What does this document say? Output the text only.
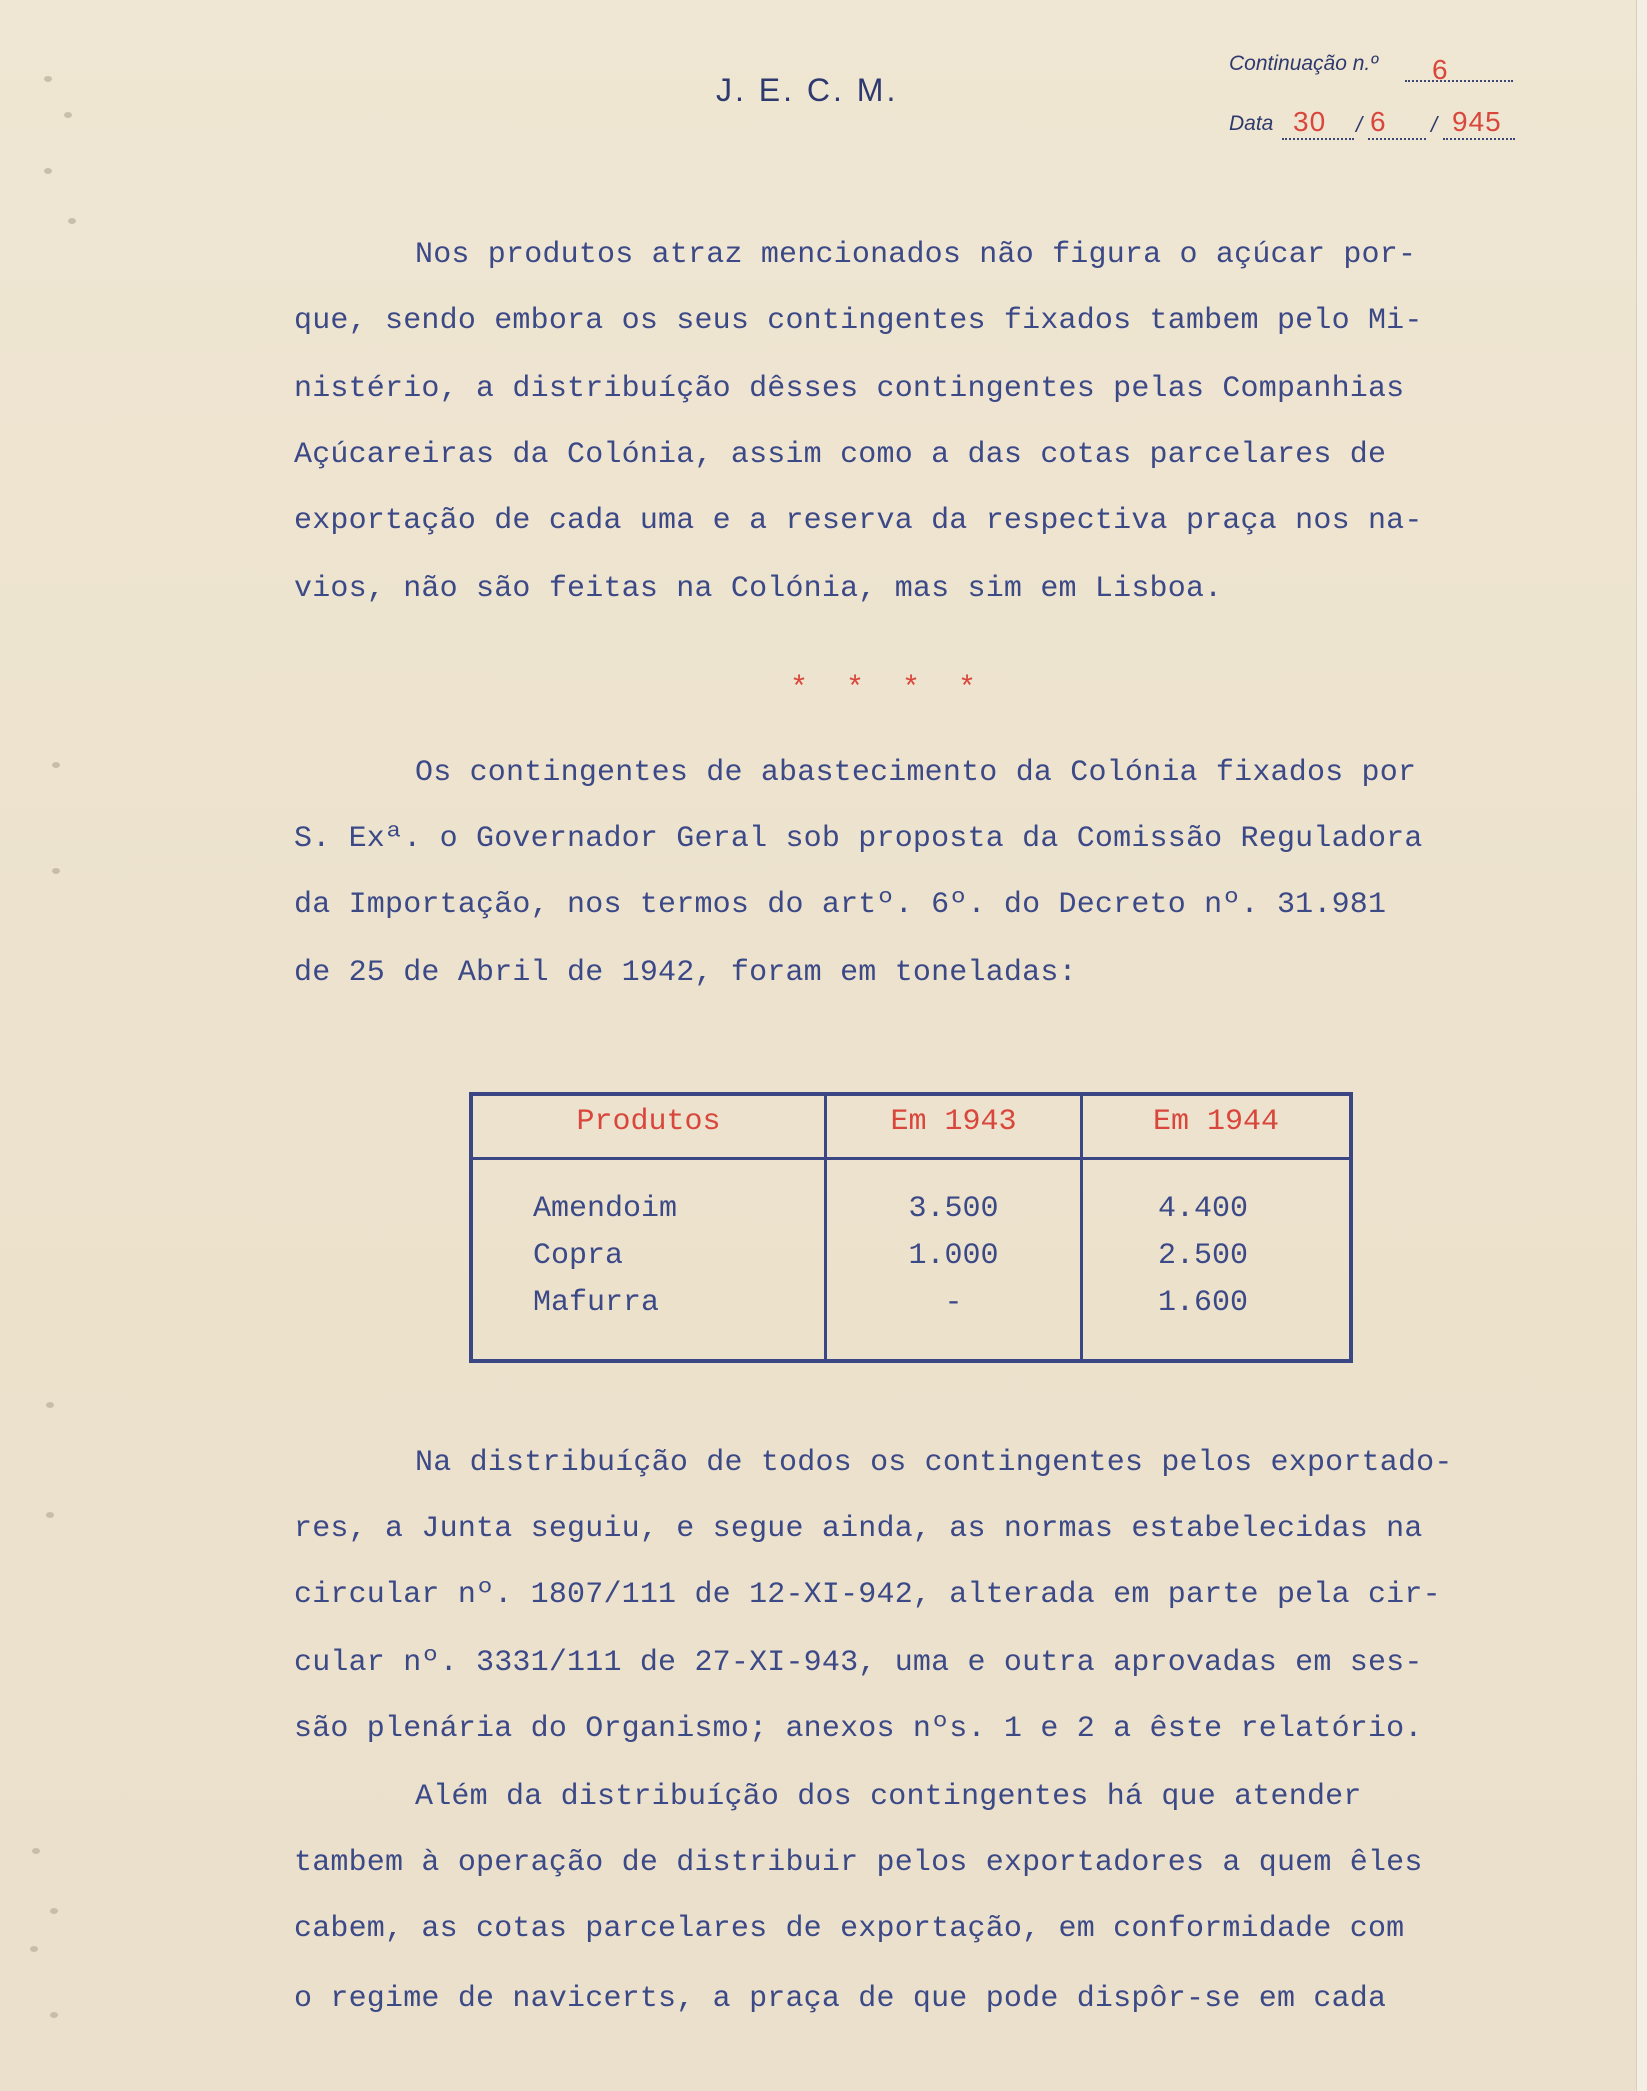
J. E. C. M.
Continuação n.º 6
Data 30 / 6 / 945
Nos produtos atraz mencionados não figura o açúcar por-
que, sendo embora os seus contingentes fixados tambem pelo Mi-
nistério, a distribuíção dêsses contingentes pelas Companhias
Açúcareiras da Colónia, assim como a das cotas parcelares de
exportação de cada uma e a reserva da respectiva praça nos na-
vios, não são feitas na Colónia, mas sim em Lisboa.
* * * *
Os contingentes de abastecimento da Colónia fixados por
S. Exª. o Governador Geral sob proposta da Comissão Reguladora
da Importação, nos termos do artº. 6º. do Decreto nº. 31.981
de 25 de Abril de 1942, foram em toneladas:
Produtos	Em 1943	Em 1944
Amendoim	3.500	4.400
Copra	1.000	2.500
Mafurra	-	1.600
Na distribuíção de todos os contingentes pelos exportado-
res, a Junta seguiu, e segue ainda, as normas estabelecidas na
circular nº. 1807/111 de 12-XI-942, alterada em parte pela cir-
cular nº. 3331/111 de 27-XI-943, uma e outra aprovadas em ses-
são plenária do Organismo; anexos nºs. 1 e 2 a êste relatório.
Além da distribuíção dos contingentes há que atender
tambem à operação de distribuir pelos exportadores a quem êles
cabem, as cotas parcelares de exportação, em conformidade com
o regime de navicerts, a praça de que pode dispôr-se em cada
